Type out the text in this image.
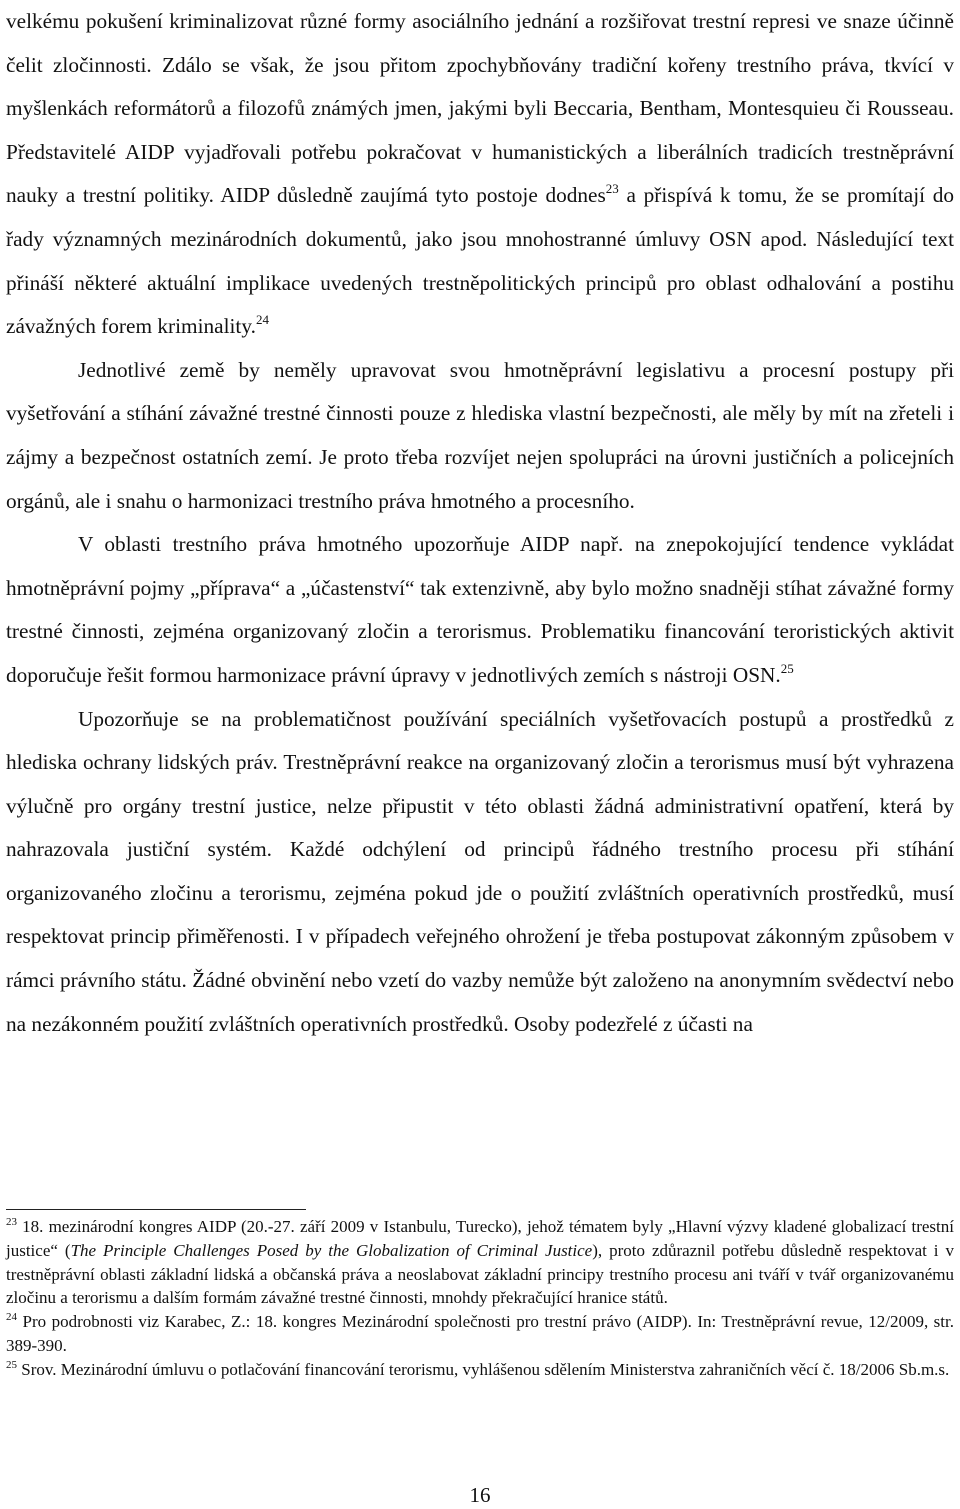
velkému pokušení kriminalizovat různé formy asociálního jednání a rozšiřovat trestní represi ve snaze účinně čelit zločinnosti. Zdálo se však, že jsou přitom zpochybňovány tradiční kořeny trestního práva, tkvící v myšlenkách reformátorů a filozofů známých jmen, jakými byli Beccaria, Bentham, Montesquieu či Rousseau. Představitelé AIDP vyjadřovali potřebu pokračovat v humanistických a liberálních tradicích trestněprávní nauky a trestní politiky. AIDP důsledně zaujímá tyto postoje dodnes$^{23}$ a přispívá k tomu, že se promítají do řady významných mezinárodních dokumentů, jako jsou mnohostranné úmluvy OSN apod. Následující text přináší některé aktuální implikace uvedených trestněpolitických principů pro oblast odhalování a postihu závažných forem kriminality.$^{24}$

Jednotlivé země by neměly upravovat svou hmotněprávní legislativu a procesní postupy při vyšetřování a stíhání závažné trestné činnosti pouze z hlediska vlastní bezpečnosti, ale měly by mít na zřeteli i zájmy a bezpečnost ostatních zemí. Je proto třeba rozvíjet nejen spolupráci na úrovni justičních a policejních orgánů, ale i snahu o harmonizaci trestního práva hmotného a procesního.

V oblasti trestního práva hmotného upozorňuje AIDP např. na znepokojující tendence vykládat hmotněprávní pojmy „příprava“ a „účastenství“ tak extenzivně, aby bylo možno snadněji stíhat závažné formy trestné činnosti, zejména organizovaný zločin a terorismus. Problematiku financování teroristických aktivit doporučuje řešit formou harmonizace právní úpravy v jednotlivých zemích s nástroji OSN.$^{25}$

Upozorňuje se na problematičnost používání speciálních vyšetřovacích postupů a prostředků z hlediska ochrany lidských práv. Trestněprávní reakce na organizovaný zločin a terorismus musí být vyhrazena výlučně pro orgány trestní justice, nelze připustit v této oblasti žádná administrativní opatření, která by nahrazovala justiční systém. Každé odchýlení od principů řádného trestního procesu při stíhání organizovaného zločinu a terorismu, zejména pokud jde o použití zvláštních operativních prostředků, musí respektovat princip přiměřenosti. I v případech veřejného ohrožení je třeba postupovat zákonným způsobem v rámci právního státu. Žádné obvinění nebo vzetí do vazby nemůže být založeno na anonymním svědectví nebo na nezákonném použití zvláštních operativních prostředků. Osoby podezřelé z účasti na

$^{23}$ 18. mezinárodní kongres AIDP (20.-27. září 2009 v Istanbulu, Turecko), jehož tématem byly „Hlavní výzvy kladené globalizací trestní justice“ (The Principle Challenges Posed by the Globalization of Criminal Justice), proto zdůraznil potřebu důsledně respektovat i v trestněprávní oblasti základní lidská a občanská práva a neoslabovat základní principy trestního procesu ani tváří v tvář organizovanému zločinu a terorismu a dalším formám závažné trestné činnosti, mnohdy překračující hranice států.

$^{24}$ Pro podrobnosti viz Karabec, Z.: 18. kongres Mezinárodní společnosti pro trestní právo (AIDP). In: Trestněprávní revue, 12/2009, str. 389-390.

$^{25}$ Srov. Mezinárodní úmluvu o potlačování financování terorismu, vyhlášenou sdělením Ministerstva zahraničních věcí č. 18/2006 Sb.m.s.

16
